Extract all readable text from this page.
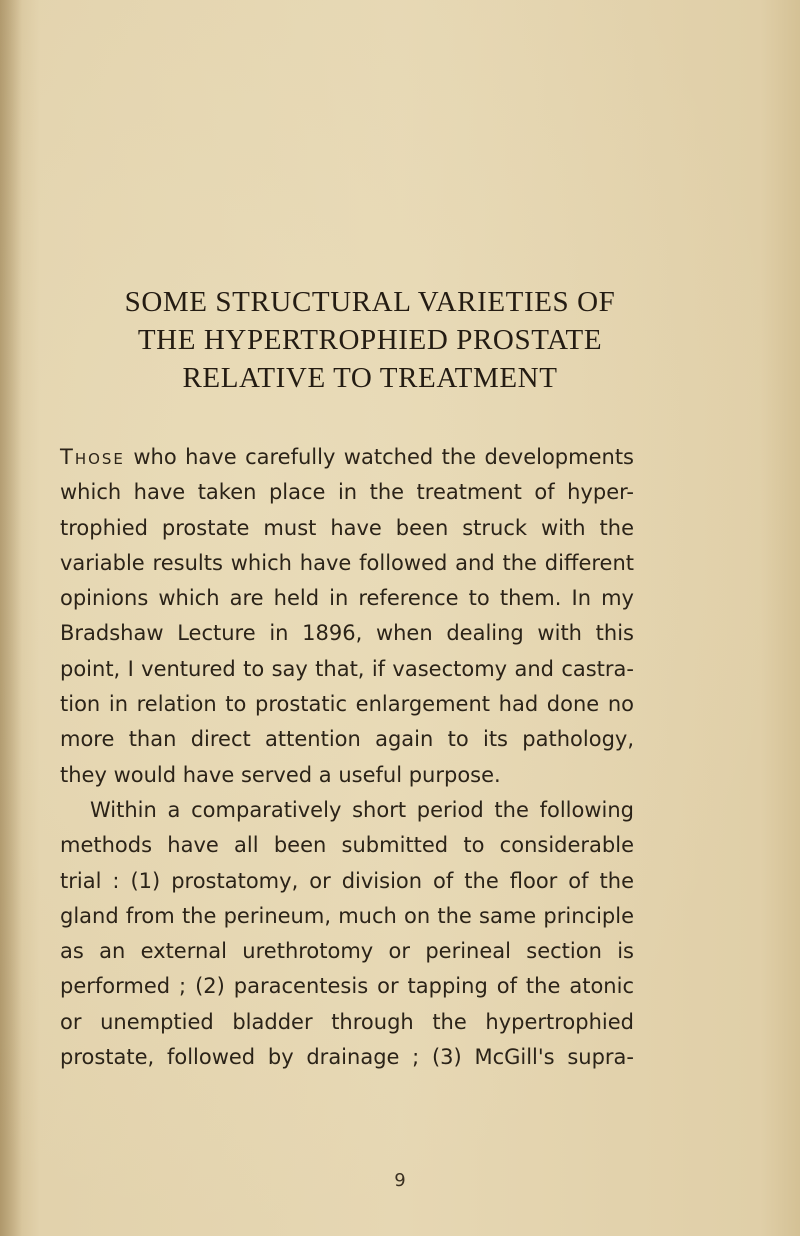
SOME STRUCTURAL VARIETIES OF
THE HYPERTROPHIED PROSTATE
RELATIVE TO TREATMENT
Those who have carefully watched the developments
which have taken place in the treatment of hyper-
trophied prostate must have been struck with the
variable results which have followed and the different
opinions which are held in reference to them. In my
Bradshaw Lecture in 1896, when dealing with this
point, I ventured to say that, if vasectomy and castra-
tion in relation to prostatic enlargement had done no
more than direct attention again to its pathology,
they would have served a useful purpose.
Within a comparatively short period the following
methods have all been submitted to considerable
trial : (1) prostatomy, or division of the floor of the
gland from the perineum, much on the same principle
as an external urethrotomy or perineal section is
performed ; (2) paracentesis or tapping of the atonic
or unemptied bladder through the hypertrophied
prostate, followed by drainage ; (3) McGill's supra-
9
